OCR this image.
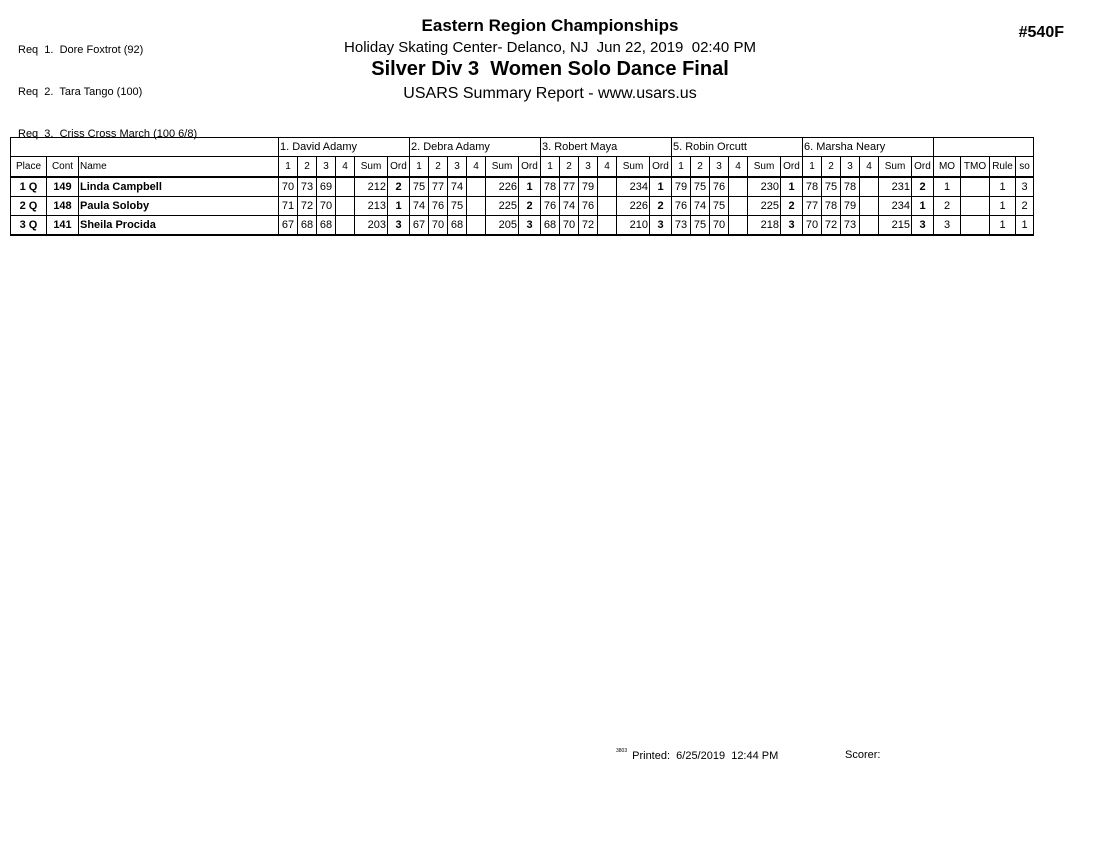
Req  1.  Dore Foxtrot (92)

Req  2.  Tara Tango (100)

Req  3.  Criss Cross March (100 6/8)

Eastern Region Championships
Holiday Skating Center- Delanco, NJ  Jun 22, 2019  02:40 PM
Silver Div 3  Women Solo Dance Final
USARS Summary Report - www.usars.us
#540F
			1. David Adamy						2. Debra Adamy						3. Robert Maya						5. Robin Orcutt						6. Marsha Neary									
Place	Cont	Name	1	2	3	4	Sum	Ord	1	2	3	4	Sum	Ord	1	2	3	4	Sum	Ord	1	2	3	4	Sum	Ord	1	2	3	4	Sum	Ord	MO	TMO	Rule	so
1 Q	149	Linda Campbell	70	73	69		212	2	75	77	74		226	1	78	77	79		234	1	79	75	76		230	1	78	75	78		231	2	1		1	3
2 Q	148	Paula Soloby	71	72	70		213	1	74	76	75		225	2	76	74	76		226	2	76	74	75		225	2	77	78	79		234	1	2		1	2
3 Q	141	Sheila Procida	67	68	68		203	3	67	70	68		205	3	68	70	72		210	3	73	75	70		218	3	70	72	73		215	3	3		1	1
$^{3803}$ Printed:  6/25/2019  12:44 PM	Scorer:
